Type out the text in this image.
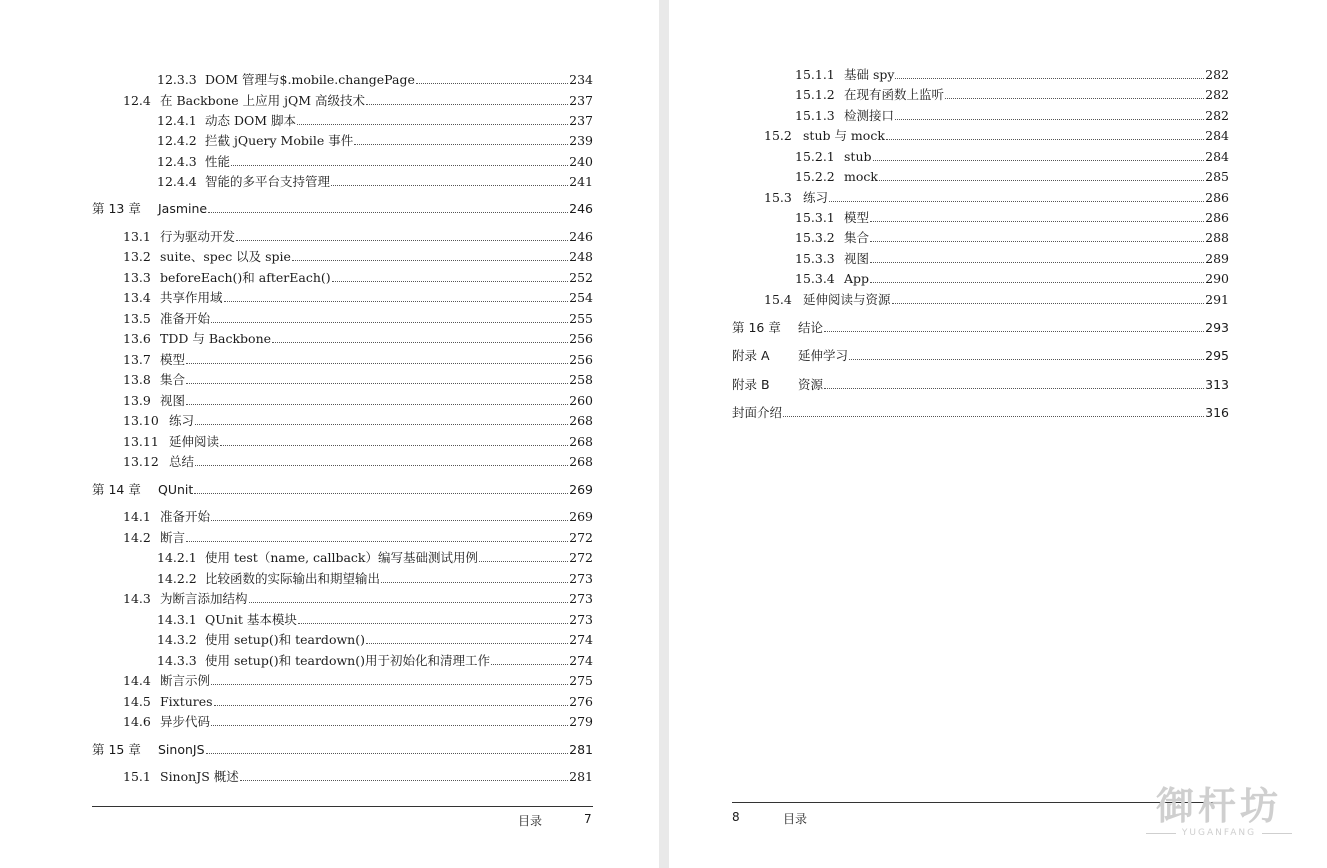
12.3.3 DOM 管理与$.mobile.changePage	234
12.4 在 Backbone 上应用 jQM 高级技术	237
12.4.1 动态 DOM 脚本	237
12.4.2 拦截 jQuery Mobile 事件	239
12.4.3 性能	240
12.4.4 智能的多平台支持管理	241
第 13 章	Jasmine	246
13.1 行为驱动开发	246
13.2 suite、spec 以及 spie	248
13.3 beforeEach()和 afterEach()	252
13.4 共享作用域	254
13.5 准备开始	255
13.6 TDD 与 Backbone	256
13.7 模型	256
13.8 集合	258
13.9 视图	260
13.10 练习	268
13.11 延伸阅读	268
13.12 总结	268
第 14 章	QUnit	269
14.1 准备开始	269
14.2 断言	272
14.2.1 使用 test（name, callback）编写基础测试用例	272
14.2.2 比较函数的实际输出和期望输出	273
14.3 为断言添加结构	273
14.3.1 QUnit 基本模块	273
14.3.2 使用 setup()和 teardown()	274
14.3.3 使用 setup()和 teardown()用于初始化和清理工作	274
14.4 断言示例	275
14.5 Fixtures	276
14.6 异步代码	279
第 15 章	SinonJS	281
15.1 SinonJS 概述	281
目录	7
15.1.1 基础 spy	282
15.1.2 在现有函数上监听	282
15.1.3 检测接口	282
15.2 stub 与 mock	284
15.2.1 stub	284
15.2.2 mock	285
15.3 练习	286
15.3.1 模型	286
15.3.2 集合	288
15.3.3 视图	289
15.3.4 App	290
15.4 延伸阅读与资源	291
第 16 章	结论	293
附录 A	延伸学习	295
附录 B	资源	313
封面介绍	316
8	目录	御杆坊
YUGANFANG
